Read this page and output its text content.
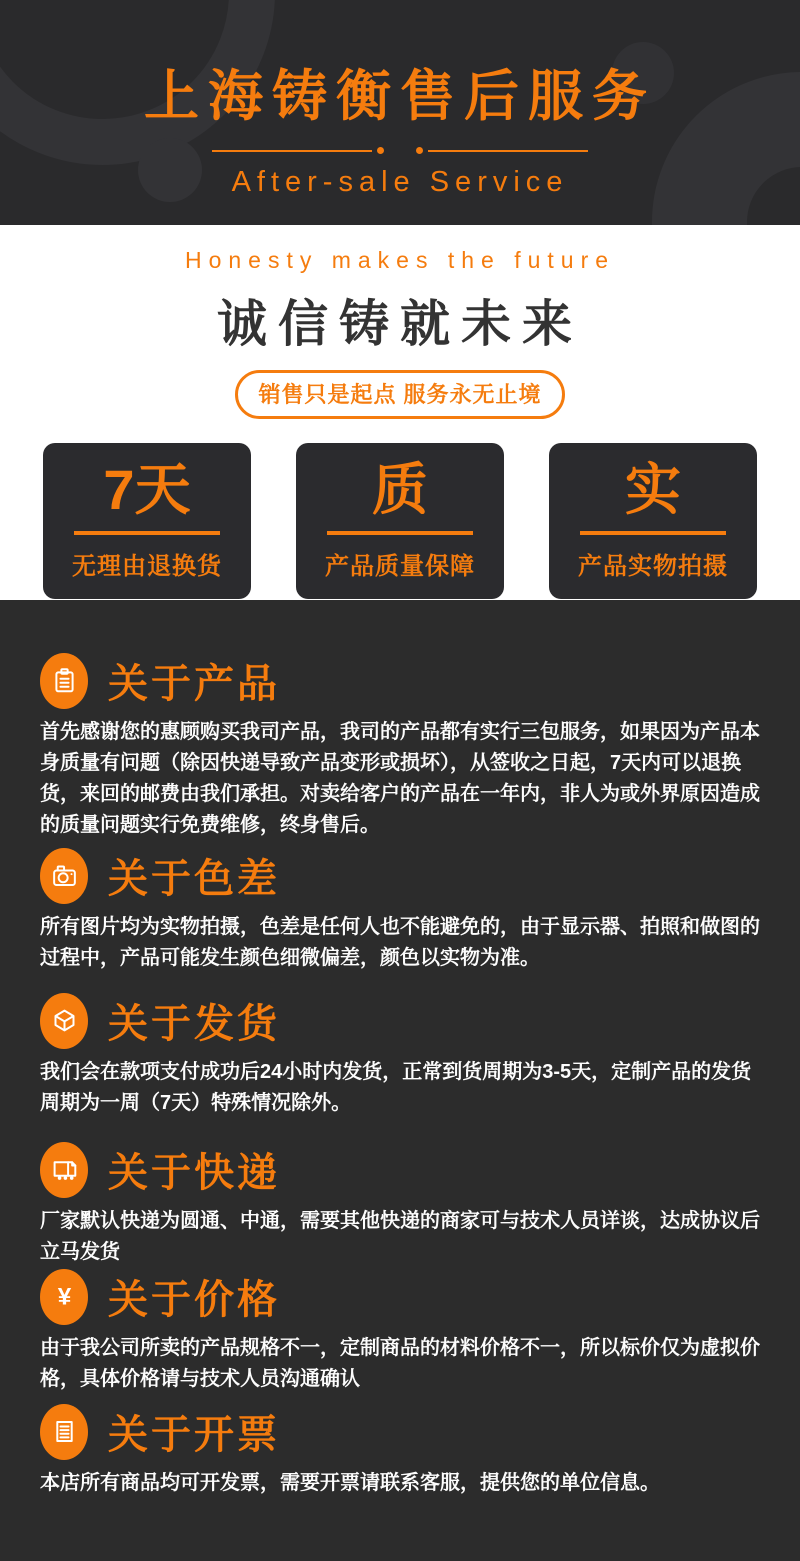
上海铸衡售后服务

After-sale Service

Honesty makes the future

诚信铸就未来
销售只是起点 服务永无止境
7天
无理由退换货
质
产品质量保障
实
产品实物拍摄
关于产品

首先感谢您的惠顾购买我司产品，我司的产品都有实行三包服务，如果因为产品本身质量有问题（除因快递导致产品变形或损坏），从签收之日起，7天内可以退换货，来回的邮费由我们承担。对卖给客户的产品在一年内，非人为或外界原因造成的质量问题实行免费维修，终身售后。

关于色差

所有图片均为实物拍摄，色差是任何人也不能避免的，由于显示器、拍照和做图的过程中，产品可能发生颜色细微偏差，颜色以实物为准。

关于发货

我们会在款项支付成功后24小时内发货，正常到货周期为3-5天，定制产品的发货周期为一周（7天）特殊情况除外。

关于快递

厂家默认快递为圆通、中通，需要其他快递的商家可与技术人员详谈，达成协议后立马发货

¥ 关于价格

由于我公司所卖的产品规格不一，定制商品的材料价格不一，所以标价仅为虚拟价格，具体价格请与技术人员沟通确认

关于开票

本店所有商品均可开发票，需要开票请联系客服，提供您的单位信息。
